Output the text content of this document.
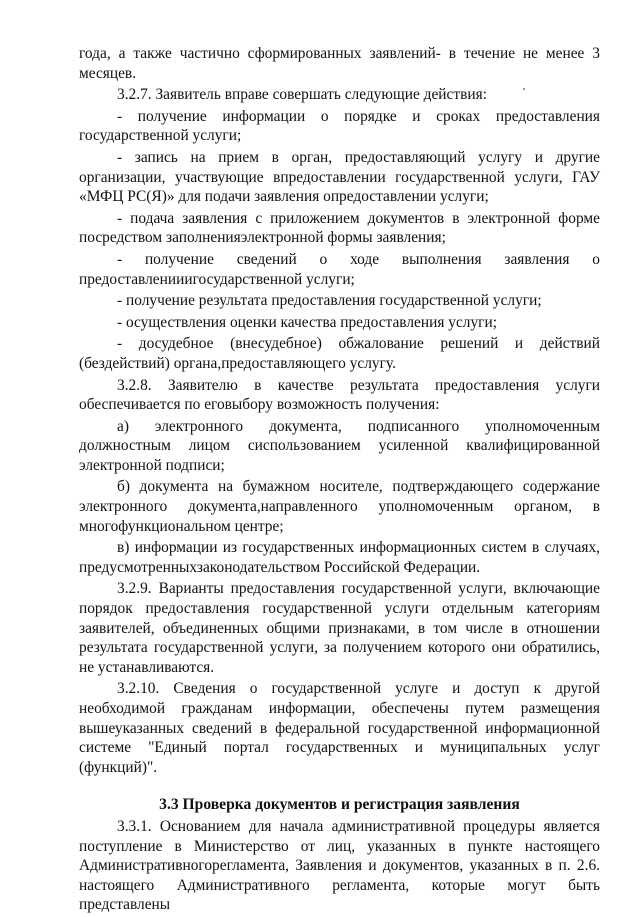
года, а также частично сформированных заявлений- в течение не менее 3 месяцев.

3.2.7. Заявитель вправе совершать следующие действия:

- получение информации о порядке и сроках предоставления государственной услуги;

- запись на прием в орган, предоставляющий услугу и другие организации, участвующие впредоставлении государственной услуги, ГАУ «МФЦ РС(Я)» для подачи заявления опредоставлении услуги;

- подача заявления с приложением документов в электронной форме посредством заполненияэлектронной формы заявления;

- получение сведений о ходе выполнения заявления о предоставленииигосударственной услуги;

- получение результата предоставления государственной услуги;

- осуществления оценки качества предоставления услуги;

- досудебное (внесудебное) обжалование решений и действий (бездействий) органа,предоставляющего услугу.

3.2.8. Заявителю в качестве результата предоставления услуги обеспечивается по еговыбору возможность получения:

а) электронного документа, подписанного уполномоченным должностным лицом сиспользованием усиленной квалифицированной электронной подписи;

б) документа на бумажном носителе, подтверждающего содержание электронного документа,направленного уполномоченным органом, в многофункциональном центре;

в) информации из государственных информационных систем в случаях, предусмотренныхзаконодательством Российской Федерации.

3.2.9. Варианты предоставления государственной услуги, включающие порядок предоставления государственной услуги отдельным категориям заявителей, объединенных общими признаками, в том числе в отношении результата государственной услуги, за получением которого они обратились, не устанавливаются.

3.2.10. Сведения о государственной услуге и доступ к другой необходимой гражданам информации, обеспечены путем размещения вышеуказанных сведений в федеральной государственной информационной системе "Единый портал государственных и муниципальных услуг (функций)".

3.3 Проверка документов и регистрация заявления

3.3.1. Основанием для начала административной процедуры является поступление в Министерство от лиц, указанных в пункте настоящего Административногорегламента, Заявления и документов, указанных в п. 2.6. настоящего Административного регламента, которые могут быть представлены
